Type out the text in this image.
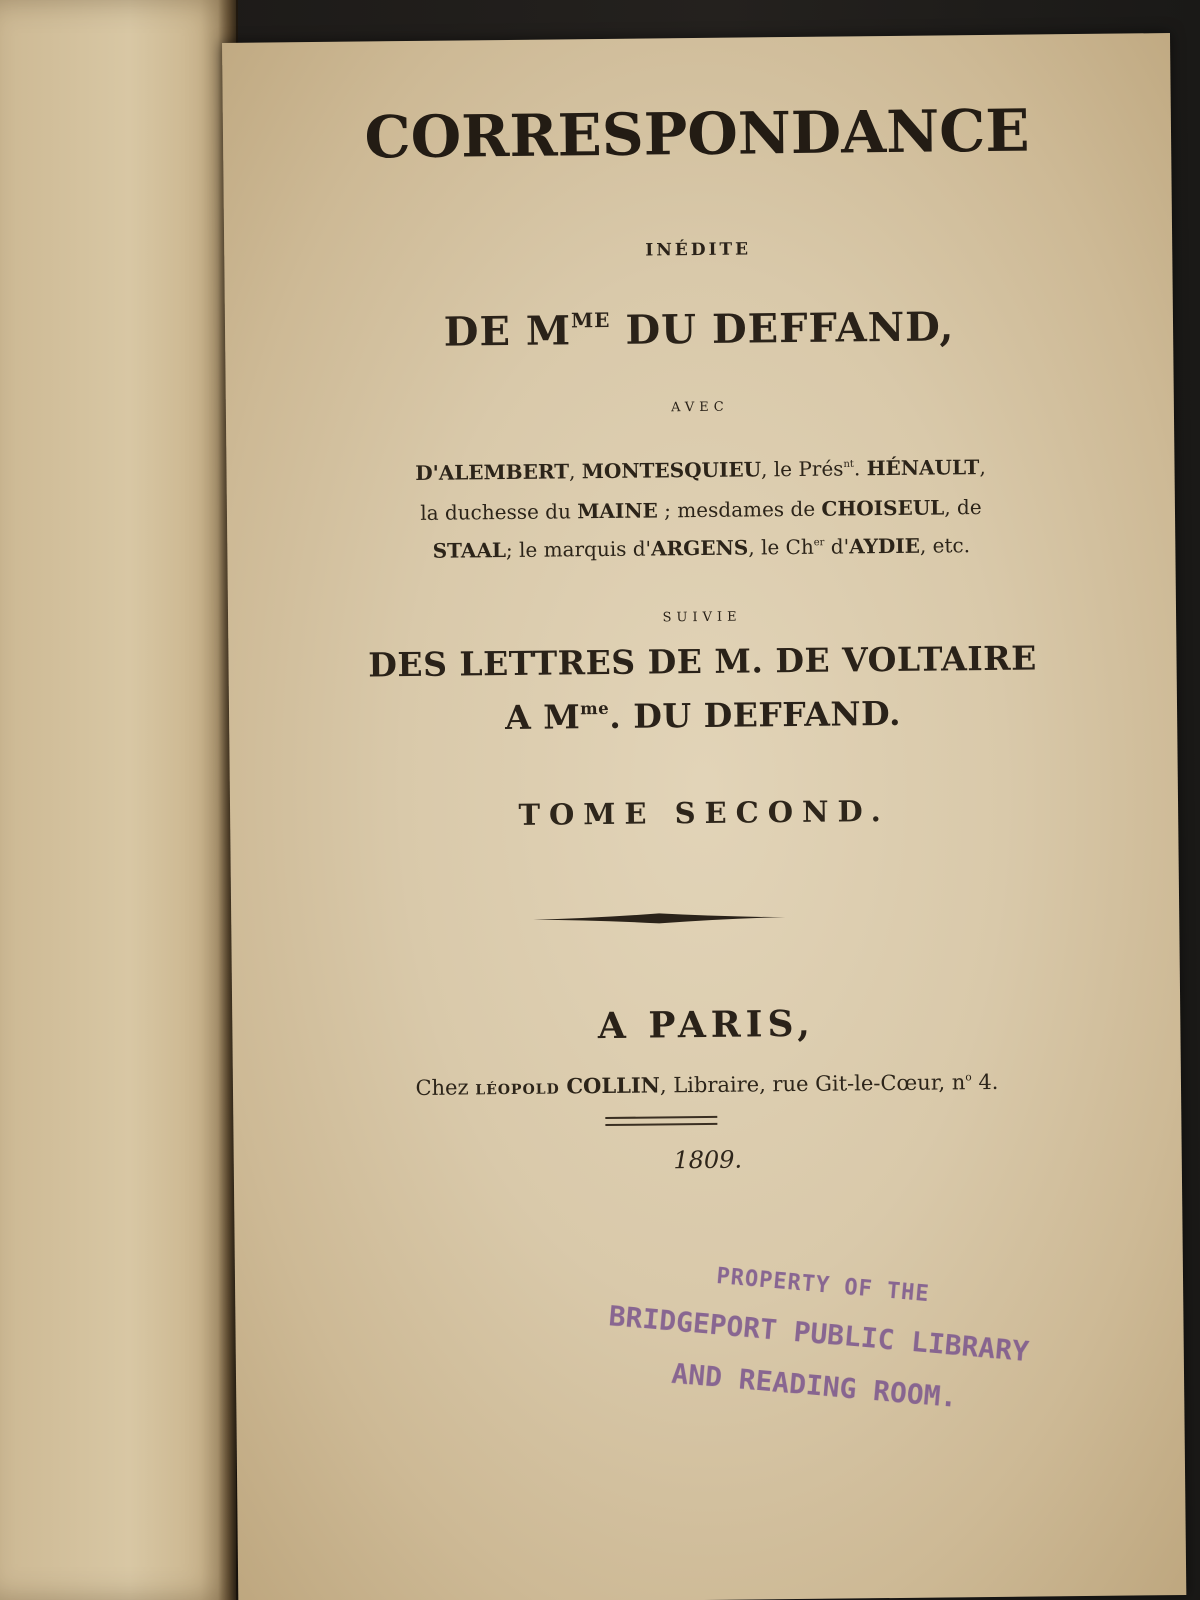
CORRESPONDANCE
INÉDITE
DE $M^{ME}$ DU DEFFAND,
AVEC
D'ALEMBERT, MONTESQUIEU, le Prés$^{nt}$. HÉNAULT,
la duchesse du MAINE ; mesdames de CHOISEUL, de
STAAL; le marquis d'ARGENS, le $Ch^{er}$ d'AYDIE, etc.
SUIVIE
DES LETTRES DE M. DE VOLTAIRE
A $M^{me}$. DU DEFFAND.
TOME SECOND.
A PARIS,
Chez LÉOPOLD COLLIN, Libraire, rue Git-le-Cœur, $n^o$ 4.
1809.
PROPERTY OF THE
BRIDGEPORT PUBLIC LIBRARY
AND READING ROOM.
